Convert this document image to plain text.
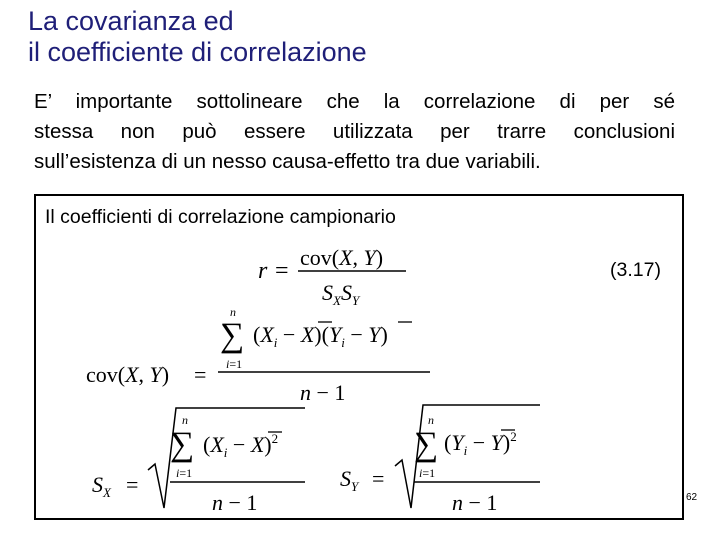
La covarianza ed
il coefficiente di correlazione
E’ importante sottolineare che la correlazione di per sé
stessa non può essere utilizzata per trarre conclusioni
sull’esistenza di un nesso causa-effetto tra due variabili.
Il coefficienti di correlazione campionario
(3.17)
r =
cov(X, Y)
$S_XS_Y$
cov(X, Y) =
n
∑
i=1
$(X_i - X)(Y_i - Y)$
n − 1
$S_X$ =
n
∑
i=1
$(X_i - X)^2$
n − 1
$S_Y$ =
n
∑
i=1
$(Y_i - Y)^2$
n − 1	62
